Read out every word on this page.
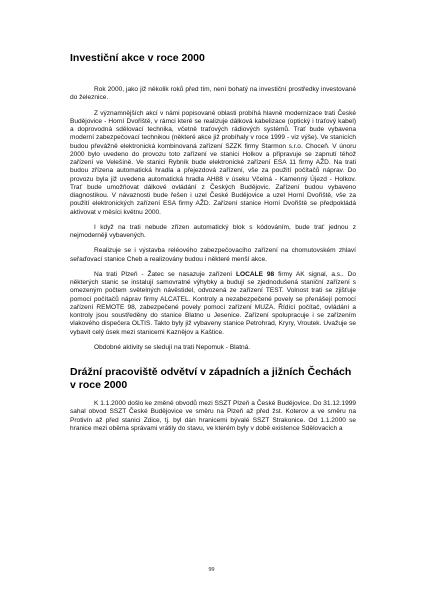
Investiční akce v roce 2000

Rok 2000, jako již několik roků před tím, není bohatý na investiční prostředky investované do železnice.

Z významnějších akcí v námi popisované oblasti probíhá hlavně modernizace trati České Budějovice - Horní Dvořiště, v rámci které se realizuje dálková kabelizace (optický i traťový kabel) a doprovodná sdělovací technika, včetně traťových rádiových systémů. Trať bude vybavena moderní zabezpečovací technikou (některé akce již probíhaly v roce 1999 - viz výše). Ve stanicích budou převážně elektronická kombinovaná zařízení SZZK firmy Starmon s.r.o. Choceň. V únoru 2000 bylo uvedeno do provozu toto zařízení ve stanici Holkov a připravuje se zapnutí téhož zařízení ve Velešíně. Ve stanici Rybník bude elektronické zařízení ESA 11 firmy AŽD. Na trati budou zřízena automatická hradla a přejezdová zařízení, vše za použití počítačů náprav. Do provozu byla již uvedena automatická hradla AH88 v úseku Včelná - Kamenný Újezd - Holkov. Trať bude umožňovat dálkové ovládání z Českých Budějovic. Zařízení budou vybaveno diagnostikou. V návaznosti bude řešen i uzel České Budějovice a uzel Horní Dvořiště, vše za použití elektronických zařízení ESA firmy AŽD. Zařízení stanice Horní Dvořiště se předpokládá aktivovat v měsíci květnu 2000.

I když na trati nebude zřízen automatický blok s kódováním, bude trať jednou z nejmoderněji vybavených.

Realizuje se i výstavba reléového zabezpečovacího zařízení na chomutovském zhlaví seřaďovací stanice Cheb a realizovány budou i některé menší akce.

Na trati Plzeň - Žatec se nasazuje zařízení LOCALE 98 firmy AK signal, a.s.. Do některých stanic se instalují samovratné výhybky a budují se zjednodušená staniční zařízení s omezeným počtem světelných návěstidel, odvozená ze zařízení TEST. Volnost trati se zjišťuje pomocí počítačů náprav firmy ALCATEL. Kontroly a nezabezpečené povely se přenášejí pomocí zařízení REMOTE 98, zabezpečené povely pomocí zařízení MUZA. Řídící počítač, ovládání a kontroly jsou soustředěny do stanice Blatno u Jesenice. Zařízení spolupracuje i se zařízením vlakového dispečera OLTIS. Takto byly již vybaveny stanice Petrohrad, Kryry, Vroutek. Uvažuje se vybavit celý úsek mezi stanicemi Kaznějov a Kaštice.

Obdobné aktivity se sledují na trati Nepomuk - Blatná.

Drážní pracoviště odvětví v západních a jižních Čechách v roce 2000

K 1.1.2000 došlo ke změně obvodů mezi SSZT Plzeň a České Budějovice. Do 31.12.1999 sahal obvod SSZT České Budějovice ve směru na Plzeň až před žst. Koterov a ve směru na Protivín až před stanici Zdice, tj. byl dán hranicemi bývalé SSZT Strakonice. Od 1.1.2000 se hranice mezi oběma správami vrátily do stavu, ve kterém byly v době existence Sdělovacích a

99
